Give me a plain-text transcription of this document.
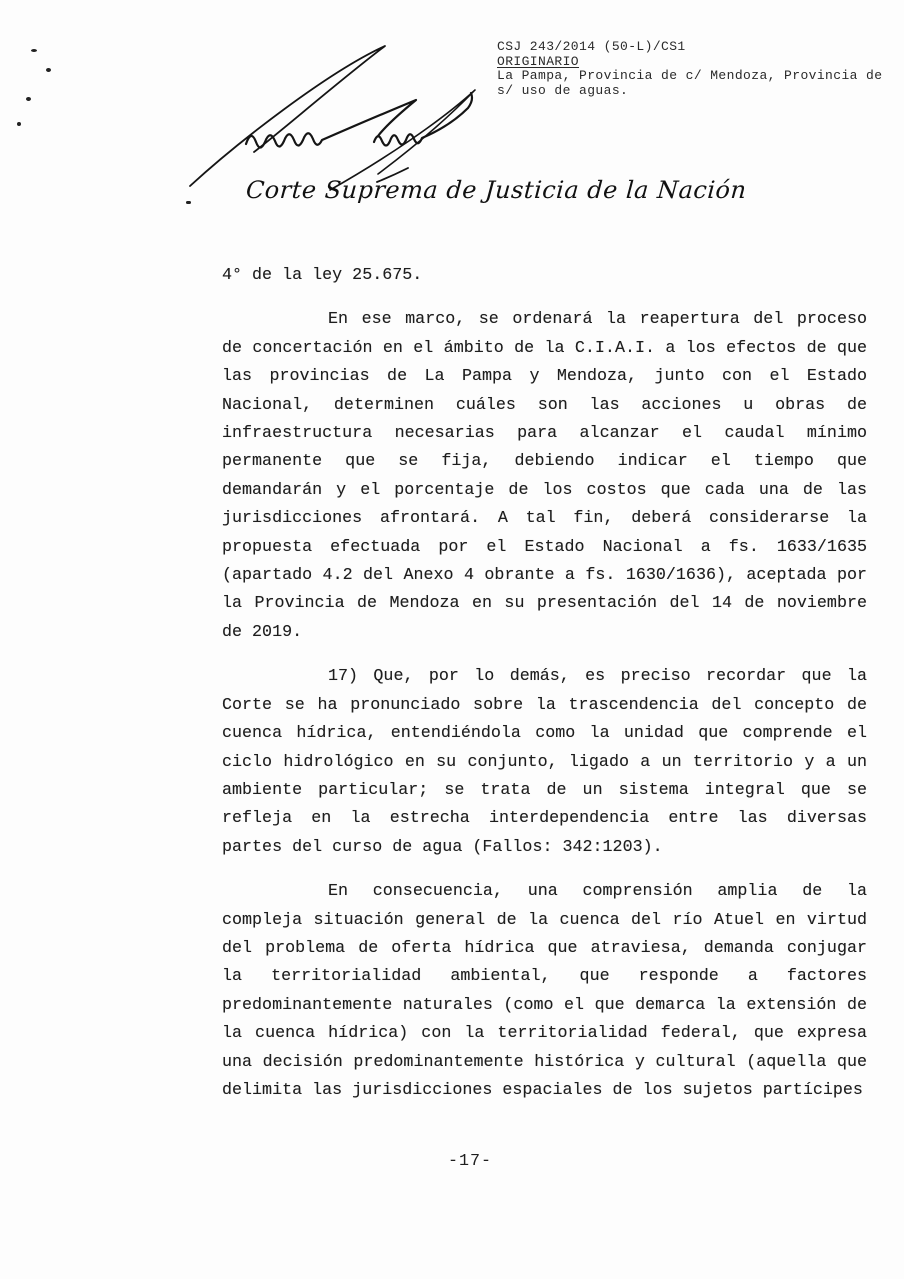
CSJ 243/2014 (50-L)/CS1
ORIGINARIO
La Pampa, Provincia de c/ Mendoza, Provincia de
s/ uso de aguas.
Corte Suprema de Justicia de la Nación

4° de la ley 25.675.

En ese marco, se ordenará la reapertura del proceso de concertación en el ámbito de la C.I.A.I. a los efectos de que las provincias de La Pampa y Mendoza, junto con el Estado Nacional, determinen cuáles son las acciones u obras de infraestructura necesarias para alcanzar el caudal mínimo permanente que se fija, debiendo indicar el tiempo que demandarán y el porcentaje de los costos que cada una de las jurisdicciones afrontará. A tal fin, deberá considerarse la propuesta efectuada por el Estado Nacional a fs. 1633/1635 (apartado 4.2 del Anexo 4 obrante a fs. 1630/1636), aceptada por la Provincia de Mendoza en su presentación del 14 de noviembre de 2019.

17) Que, por lo demás, es preciso recordar que la Corte se ha pronunciado sobre la trascendencia del concepto de cuenca hídrica, entendiéndola como la unidad que comprende el ciclo hidrológico en su conjunto, ligado a un territorio y a un ambiente particular; se trata de un sistema integral que se refleja en la estrecha interdependencia entre las diversas partes del curso de agua (Fallos: 342:1203).

En consecuencia, una comprensión amplia de la compleja situación general de la cuenca del río Atuel en virtud del problema de oferta hídrica que atraviesa, demanda conjugar la territorialidad ambiental, que responde a factores predominantemente naturales (como el que demarca la extensión de la cuenca hídrica) con la territorialidad federal, que expresa una decisión predominantemente histórica y cultural (aquella que delimita las jurisdicciones espaciales de los sujetos partícipes

-17-
